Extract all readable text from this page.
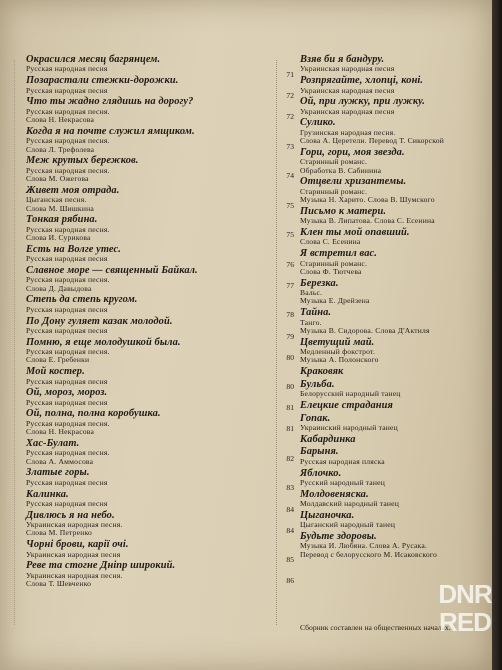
Окрасился месяц багрянцем.
Русская народная песня
71
Позарастали стежки-дорожки.
Русская народная песня
72
Что ты жадно глядишь на дорогу?
Русская народная песня.
Слова Н. Некрасова	72
Когда я на почте служил ямщиком.
Русская народная песня.
Слова Л. Трефолева	73
Меж крутых бережков.
Русская народная песня.
Слова М. Ожегова	74
Живет моя отрада.
Цыганская песня.
Слова М. Шишкина	75
Тонкая рябина.
Русская народная песня.
Слова И. Сурикова	75
Есть на Волге утес.
Русская народная песня
76
Славное море — священный Байкал.
Русская народная песня.
Слова Д. Давыдова	77
Степь да степь кругом.
Русская народная песня
78
По Дону гуляет казак молодой.
Русская народная песня
79
Помню, я еще молодушкой была.
Русская народная песня.
Слова Е. Гребенки	80
Мой костер.
Русская народная песня
80
Ой, мороз, мороз.
Русская народная песня
81
Ой, полна, полна коробушка.
Русская народная песня.
Слова Н. Некрасова	81
Хас-Булат.
Русская народная песня.
Слова А. Аммосова	82
Златые горы.
Русская народная песня
83
Калинка.
Русская народная песня
84
Дивлюсь я на небо.
Украинская народная песня.
Слова М. Петренко	84
Чорнi брови, карiї очi.
Украинская народная песня
85
Реве та стогне Днiпр широкий.
Украинская народная песня.
Слова Т. Шевченко	86
Взяв би я бандуру.
Украинская народная песня
Розпрягайте, хлопцi, конi.
Украинская народная песня
Ой, при лужку, при лужку.
Украинская народная песня
Сулико.
Грузинская народная песня.
Слова А. Церетели. Перевод Т. Сикорской
Гори, гори, моя звезда.
Старинный романс.
Обработка В. Сабинина
Отцвели хризантемы.
Старинный романс.
Музыка Н. Харито. Слова В. Шумского
Письмо к матери.
Музыка В. Липатова. Слова С. Есенина
Клен ты мой опавший.
Слова С. Есенина
Я встретил вас.
Старинный романс.
Слова Ф. Тютчева
Березка.
Вальс.
Музыка Е. Дрейзена
Тайна.
Танго.
Музыка В. Сидорова. Слова Д'Актиля
Цветущий май.
Медленный фокстрот.
Музыка А. Полонского
Краковяк
Бульба.
Белорусский народный танец
Елецкие страдания
Гопак.
Украинский народный танец
Кабардинка
Барыня.
Русская народная пляска
Яблочко.
Русский народный танец
Молдовеняска.
Молдавский народный танец
Цыганочка.
Цыганский народный танец
Будьте здоровы.
Музыка И. Любяна. Слова А. Русака.
Перевод с белорусского М. Исаковского
Сборник составлен на общественных началах.
DNR
RED
